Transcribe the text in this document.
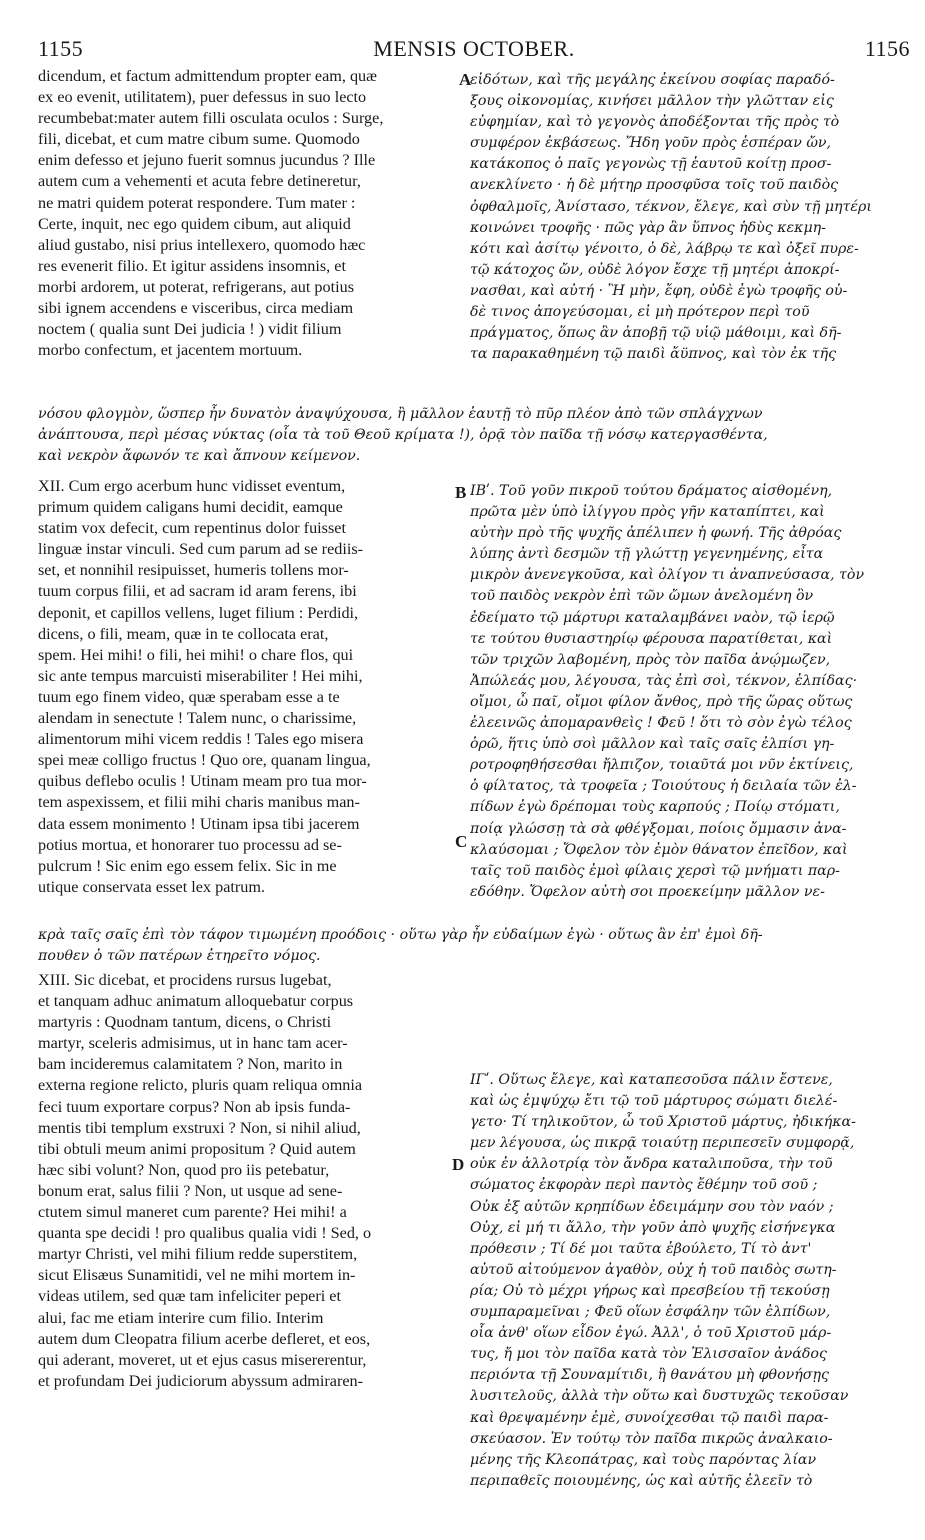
1155	MENSIS OCTOBER.	1156
A
B
C
D
dicendum, et factum admittendum propter eam, quæ
ex eo evenit, utilitatem), puer defessus in suo lecto
recumbebat:mater autem filli osculata oculos : Surge,
fili, dicebat, et cum matre cibum sume. Quomodo
enim defesso et jejuno fuerit somnus jucundus ? Ille
autem cum a vehementi et acuta febre detineretur,
ne matri quidem poterat respondere. Tum mater :
Certe, inquit, nec ego quidem cibum, aut aliquid
aliud gustabo, nisi prius intellexero, quomodo hæc
res evenerit filio. Et igitur assidens insomnis, et
morbi ardorem, ut poterat, refrigerans, aut potius
sibi ignem accendens e visceribus, circa mediam
noctem ( qualia sunt Dei judicia ! ) vidit filium
morbo confectum, et jacentem mortuum.
εἰδότων, καὶ τῆς μεγάλης ἐκείνου σοφίας παραδό-
ξους οἰκονομίας, κινήσει μᾶλλον τὴν γλῶτταν εἰς
εὐφημίαν, καὶ τὸ γεγονὸς ἀποδέξονται τῆς πρὸς τὸ
συμφέρον ἐκβάσεως. Ἤδη γοῦν πρὸς ἑσπέραν ὤν,
κατάκοπος ὁ παῖς γεγονὼς τῇ ἑαυτοῦ κοίτῃ προσ-
ανεκλίνετο · ἡ δὲ μήτηρ προσφῦσα τοῖς τοῦ παιδὸς
ὀφθαλμοῖς, Ἀνίστασο, τέκνον, ἔλεγε, καὶ σὺν τῇ μητέρι
κοινώνει τροφῆς · πῶς γὰρ ἂν ὕπνος ἡδὺς κεκμη-
κότι καὶ ἀσίτῳ γένοιτο, ὁ δὲ, λάβρῳ τε καὶ ὀξεῖ πυρε-
τῷ κάτοχος ὤν, οὐδὲ λόγον ἔσχε τῇ μητέρι ἀποκρί-
νασθαι, καὶ αὐτή · Ἢ μὴν, ἔφη, οὐδὲ ἐγὼ τροφῆς οὐ-
δὲ τινος ἀπογεύσομαι, εἰ μὴ πρότερον περὶ τοῦ
πράγματος, ὅπως ἂν ἀποβῇ τῷ υἱῷ μάθοιμι, καὶ δῆ-
τα παρακαθημένη τῷ παιδὶ ἄϋπνος, καὶ τὸν ἐκ τῆς
νόσου φλογμὸν, ὥσπερ ἦν δυνατὸν ἀναψύχουσα, ἢ μᾶλλον ἑαυτῇ τὸ πῦρ πλέον ἀπὸ τῶν σπλάγχνων
ἀνάπτουσα, περὶ μέσας νύκτας (οἷα τὰ τοῦ Θεοῦ κρίματα !), ὁρᾷ τὸν παῖδα τῇ νόσῳ κατεργασθέντα,
καὶ νεκρὸν ἄφωνόν τε καὶ ἄπνουν κείμενον.
XII. Cum ergo acerbum hunc vidisset eventum,
primum quidem caligans humi decidit, eamque
statim vox defecit, cum repentinus dolor fuisset
linguæ instar vinculi. Sed cum parum ad se rediis-
set, et nonnihil resipuisset, humeris tollens mor-
tuum corpus filii, et ad sacram id aram ferens, ibi
deponit, et capillos vellens, luget filium : Perdidi,
dicens, o fili, meam, quæ in te collocata erat,
spem. Hei mihi! o fili, hei mihi! o chare flos, qui
sic ante tempus marcuisti miserabiliter ! Hei mihi,
tuum ego finem video, quæ sperabam esse a te
alendam in senectute ! Talem nunc, o charissime,
alimentorum mihi vicem reddis ! Tales ego misera
spei meæ colligo fructus ! Quo ore, quanam lingua,
quibus deflebo oculis ! Utinam meam pro tua mor-
tem aspexissem, et filii mihi charis manibus man-
data essem monimento ! Utinam ipsa tibi jacerem
potius mortua, et honorarer tuo processu ad se-
pulcrum ! Sic enim ego essem felix. Sic in me
utique conservata esset lex patrum.
ΙΒʹ. Τοῦ γοῦν πικροῦ τούτου δράματος αἰσθομένη,
πρῶτα μὲν ὑπὸ ἰλίγγου πρὸς γῆν καταπίπτει, καὶ
αὐτὴν πρὸ τῆς ψυχῆς ἀπέλιπεν ἡ φωνή. Τῆς ἀθρόας
λύπης ἀντὶ δεσμῶν τῇ γλώττῃ γεγενημένης, εἶτα
μικρὸν ἀνενεγκοῦσα, καὶ ὀλίγον τι ἀναπνεύσασα, τὸν
τοῦ παιδὸς νεκρὸν ἐπὶ τῶν ὤμων ἀνελομένη ὃν
ἐδείματο τῷ μάρτυρι καταλαμβάνει ναὸν, τῷ ἱερῷ
τε τούτου θυσιαστηρίῳ φέρουσα παρατίθεται, καὶ
τῶν τριχῶν λαβομένη, πρὸς τὸν παῖδα ἀνῴμωζεν,
Ἀπώλεάς μου, λέγουσα, τὰς ἐπὶ σοὶ, τέκνον, ἐλπίδας·
οἴμοι, ὦ παῖ, οἴμοι φίλον ἄνθος, πρὸ τῆς ὥρας οὕτως
ἐλεεινῶς ἀπομαρανθεὶς ! Φεῦ ! ὅτι τὸ σὸν ἐγὼ τέλος
ὁρῶ, ἥτις ὑπὸ σοὶ μᾶλλον καὶ ταῖς σαῖς ἐλπίσι γη-
ροτροφηθήσεσθαι ἤλπιζον, τοιαῦτά μοι νῦν ἐκτίνεις,
ὁ φίλτατος, τὰ τροφεῖα ; Τοιούτους ἡ δειλαία τῶν ἐλ-
πίδων ἐγὼ δρέπομαι τοὺς καρπούς ; Ποίῳ στόματι,
ποίᾳ γλώσσῃ τὰ σὰ φθέγξομαι, ποίοις ὄμμασιν ἀνα-
κλαύσομαι ; Ὄφελον τὸν ἐμὸν θάνατον ἐπεῖδον, καὶ
ταῖς τοῦ παιδὸς ἐμοὶ φίλαις χερσὶ τῷ μνήματι παρ-
εδόθην. Ὄφελον αὐτὴ σοι προεκείμην μᾶλλον νε-
κρὰ ταῖς σαῖς ἐπὶ τὸν τάφον τιμωμένη προόδοις · οὕτω γὰρ ἦν εὐδαίμων ἐγὼ · οὕτως ἂν ἐπ' ἐμοὶ δῆ-
πουθεν ὁ τῶν πατέρων ἐτηρεῖτο νόμος.
XIII. Sic dicebat, et procidens rursus lugebat,
et tanquam adhuc animatum alloquebatur corpus
martyris : Quodnam tantum, dicens, o Christi
martyr, sceleris admisimus, ut in hanc tam acer-
bam incideremus calamitatem ? Non, marito in
externa regione relicto, pluris quam reliqua omnia
feci tuum exportare corpus? Non ab ipsis funda-
mentis tibi templum exstruxi ? Non, si nihil aliud,
tibi obtuli meum animi propositum ? Quid autem
hæc sibi volunt? Non, quod pro iis petebatur,
bonum erat, salus filii ? Non, ut usque ad sene-
ctutem simul maneret cum parente? Hei mihi! a
quanta spe decidi ! pro qualibus qualia vidi ! Sed, o
martyr Christi, vel mihi filium redde superstitem,
sicut Elisæus Sunamitidi, vel ne mihi mortem in-
videas utilem, sed quæ tam infeliciter peperi et
alui, fac me etiam interire cum filio. Interim
autem dum Cleopatra filium acerbe defleret, et eos,
qui aderant, moveret, ut et ejus casus misererentur,
et profundam Dei judiciorum abyssum admiraren-
ΙΓʹ. Οὕτως ἔλεγε, καὶ καταπεσοῦσα πάλιν ἔστενε,
καὶ ὡς ἐμψύχῳ ἔτι τῷ τοῦ μάρτυρος σώματι διελέ-
γετο· Τί τηλικοῦτον, ὦ τοῦ Χριστοῦ μάρτυς, ἠδικήκα-
μεν λέγουσα, ὡς πικρᾷ τοιαύτῃ περιπεσεῖν συμφορᾷ,
οὐκ ἐν ἀλλοτρίᾳ τὸν ἄνδρα καταλιποῦσα, τὴν τοῦ
σώματος ἐκφορὰν περὶ παντὸς ἔθέμην τοῦ σοῦ ;
Οὐκ ἐξ αὐτῶν κρηπίδων ἐδειμάμην σου τὸν ναόν ;
Οὐχ, εἰ μή τι ἄλλο, τὴν γοῦν ἀπὸ ψυχῆς εἰσήνεγκα
πρόθεσιν ; Τί δέ μοι ταῦτα ἐβούλετο, Τί τὸ ἀντ'
αὐτοῦ αἰτούμενον ἀγαθὸν, οὐχ ἡ τοῦ παιδὸς σωτη-
ρία; Οὐ τὸ μέχρι γήρως καὶ πρεσβείου τῇ τεκούσῃ
συμπαραμεῖναι ; Φεῦ οἵων ἐσφάλην τῶν ἐλπίδων,
οἷα ἀνθ' οἵων εἶδον ἐγώ. Ἀλλ', ὁ τοῦ Χριστοῦ μάρ-
τυς, ἤ μοι τὸν παῖδα κατὰ τὸν Ἐλισσαῖον ἀνάδος
περιόντα τῇ Σουναμίτιδι, ἢ θανάτου μὴ φθονήσῃς
λυσιτελοῦς, ἀλλὰ τὴν οὕτω καὶ δυστυχῶς τεκοῦσαν
καὶ θρεψαμένην ἐμὲ, συνοίχεσθαι τῷ παιδὶ παρα-
σκεύασον. Ἐν τούτῳ τὸν παῖδα πικρῶς ἀναλκαιο-
μένης τῆς Κλεοπάτρας, καὶ τοὺς παρόντας λίαν
περιπαθεῖς ποιουμένης, ὡς καὶ αὐτῆς ἐλεεῖν τὸ
